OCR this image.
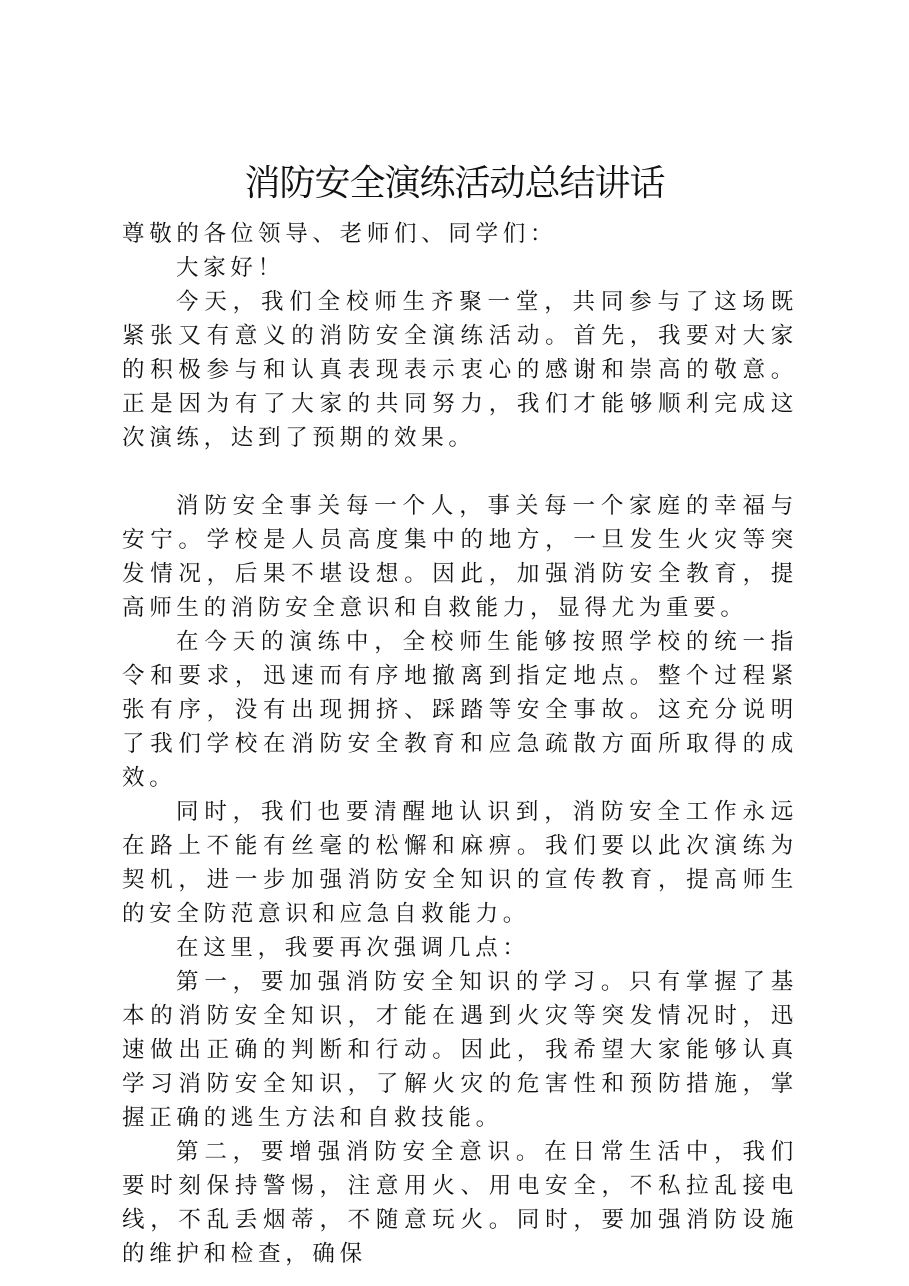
消防安全演练活动总结讲话

尊敬的各位领导、老师们、同学们：

大家好！

今天，我们全校师生齐聚一堂，共同参与了这场既紧张又有意义的消防安全演练活动。首先，我要对大家的积极参与和认真表现表示衷心的感谢和崇高的敬意。正是因为有了大家的共同努力，我们才能够顺利完成这次演练，达到了预期的效果。

消防安全事关每一个人，事关每一个家庭的幸福与安宁。学校是人员高度集中的地方，一旦发生火灾等突发情况，后果不堪设想。因此，加强消防安全教育，提高师生的消防安全意识和自救能力，显得尤为重要。

在今天的演练中，全校师生能够按照学校的统一指令和要求，迅速而有序地撤离到指定地点。整个过程紧张有序，没有出现拥挤、踩踏等安全事故。这充分说明了我们学校在消防安全教育和应急疏散方面所取得的成效。

同时，我们也要清醒地认识到，消防安全工作永远在路上不能有丝毫的松懈和麻痹。我们要以此次演练为契机，进一步加强消防安全知识的宣传教育，提高师生的安全防范意识和应急自救能力。

在这里，我要再次强调几点：

第一，要加强消防安全知识的学习。只有掌握了基本的消防安全知识，才能在遇到火灾等突发情况时，迅速做出正确的判断和行动。因此，我希望大家能够认真学习消防安全知识，了解火灾的危害性和预防措施，掌握正确的逃生方法和自救技能。

第二，要增强消防安全意识。在日常生活中，我们要时刻保持警惕，注意用火、用电安全，不私拉乱接电线，不乱丢烟蒂，不随意玩火。同时，要加强消防设施的维护和检查，确保
